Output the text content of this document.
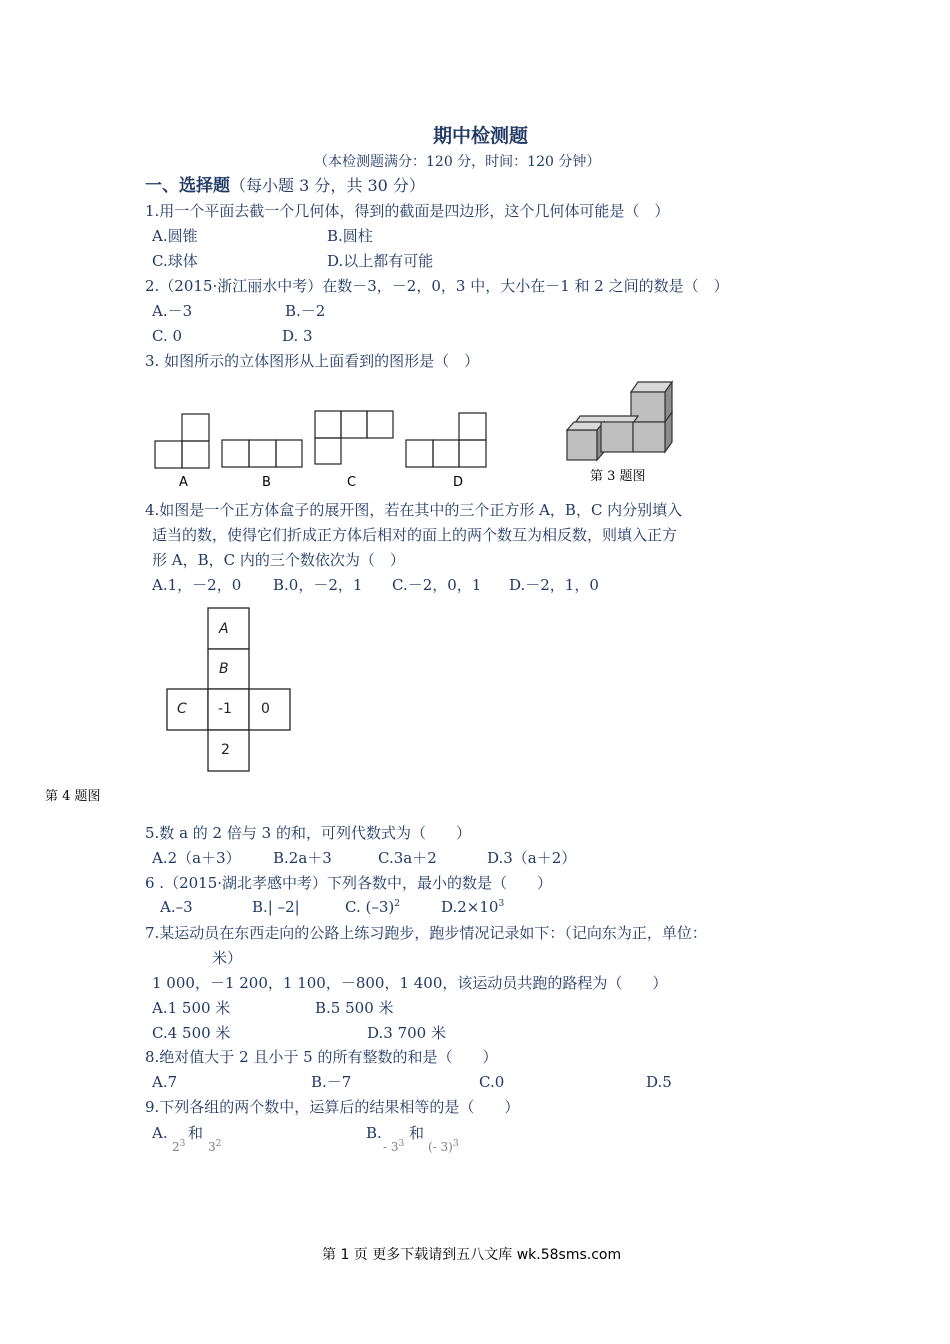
期中检测题
（本检测题满分：120 分，时间：120 分钟）
一、选择题（每小题 3 分，共 30 分）
1.用一个平面去截一个几何体，得到的截面是四边形，这个几何体可能是（　）
A.圆锥	B.圆柱
C.球体	D.以上都有可能
2.（2015·浙江丽水中考）在数－3，－2，0，3 中，大小在－1 和 2 之间的数是（　）
A.－3	B.－2
C. 0	D. 3
3. 如图所示的立体图形从上面看到的图形是（　）
A	B	C	D	第 3 题图
4.如图是一个正方体盒子的展开图，若在其中的三个正方形 A，B，C 内分别填入
适当的数，使得它们折成正方体后相对的面上的两个数互为相反数，则填入正方
形 A，B，C 内的三个数依次为（　）
A.1，－2，0 B.0，－2，1 C.－2，0，1 D.－2，1，0
A
B
C -1 0
2
第 4 题图
5.数 a 的 2 倍与 3 的和，可列代数式为（　　）
A.2（a＋3） B.2a＋3	C.3a＋2	D.3（a＋2）
6 .（2015·湖北孝感中考）下列各数中，最小的数是（　　）
A.–3	B.| –2|	C. $(-3)^2$	$D.2\times 10^3$
7.某运动员在东西走向的公路上练习跑步，跑步情况记录如下：（记向东为正，单位：
米）
1 000，－1 200，1 100，－800，1 400，该运动员共跑的路程为（　　）
A.1 500 米	B.5 500 米
C.4 500 米	D.3 700 米
8.绝对值大于 2 且小于 5 的所有整数的和是（　　）
A.7	B.－7	C.0	D.5
9.下列各组的两个数中，运算后的结果相等的是（　　）
A.
$2^3$
和
$3^2$
B.
- $3^3$
和
(- 3)$^3$
第 1 页 更多下载请到五八文库 wk.58sms.com
